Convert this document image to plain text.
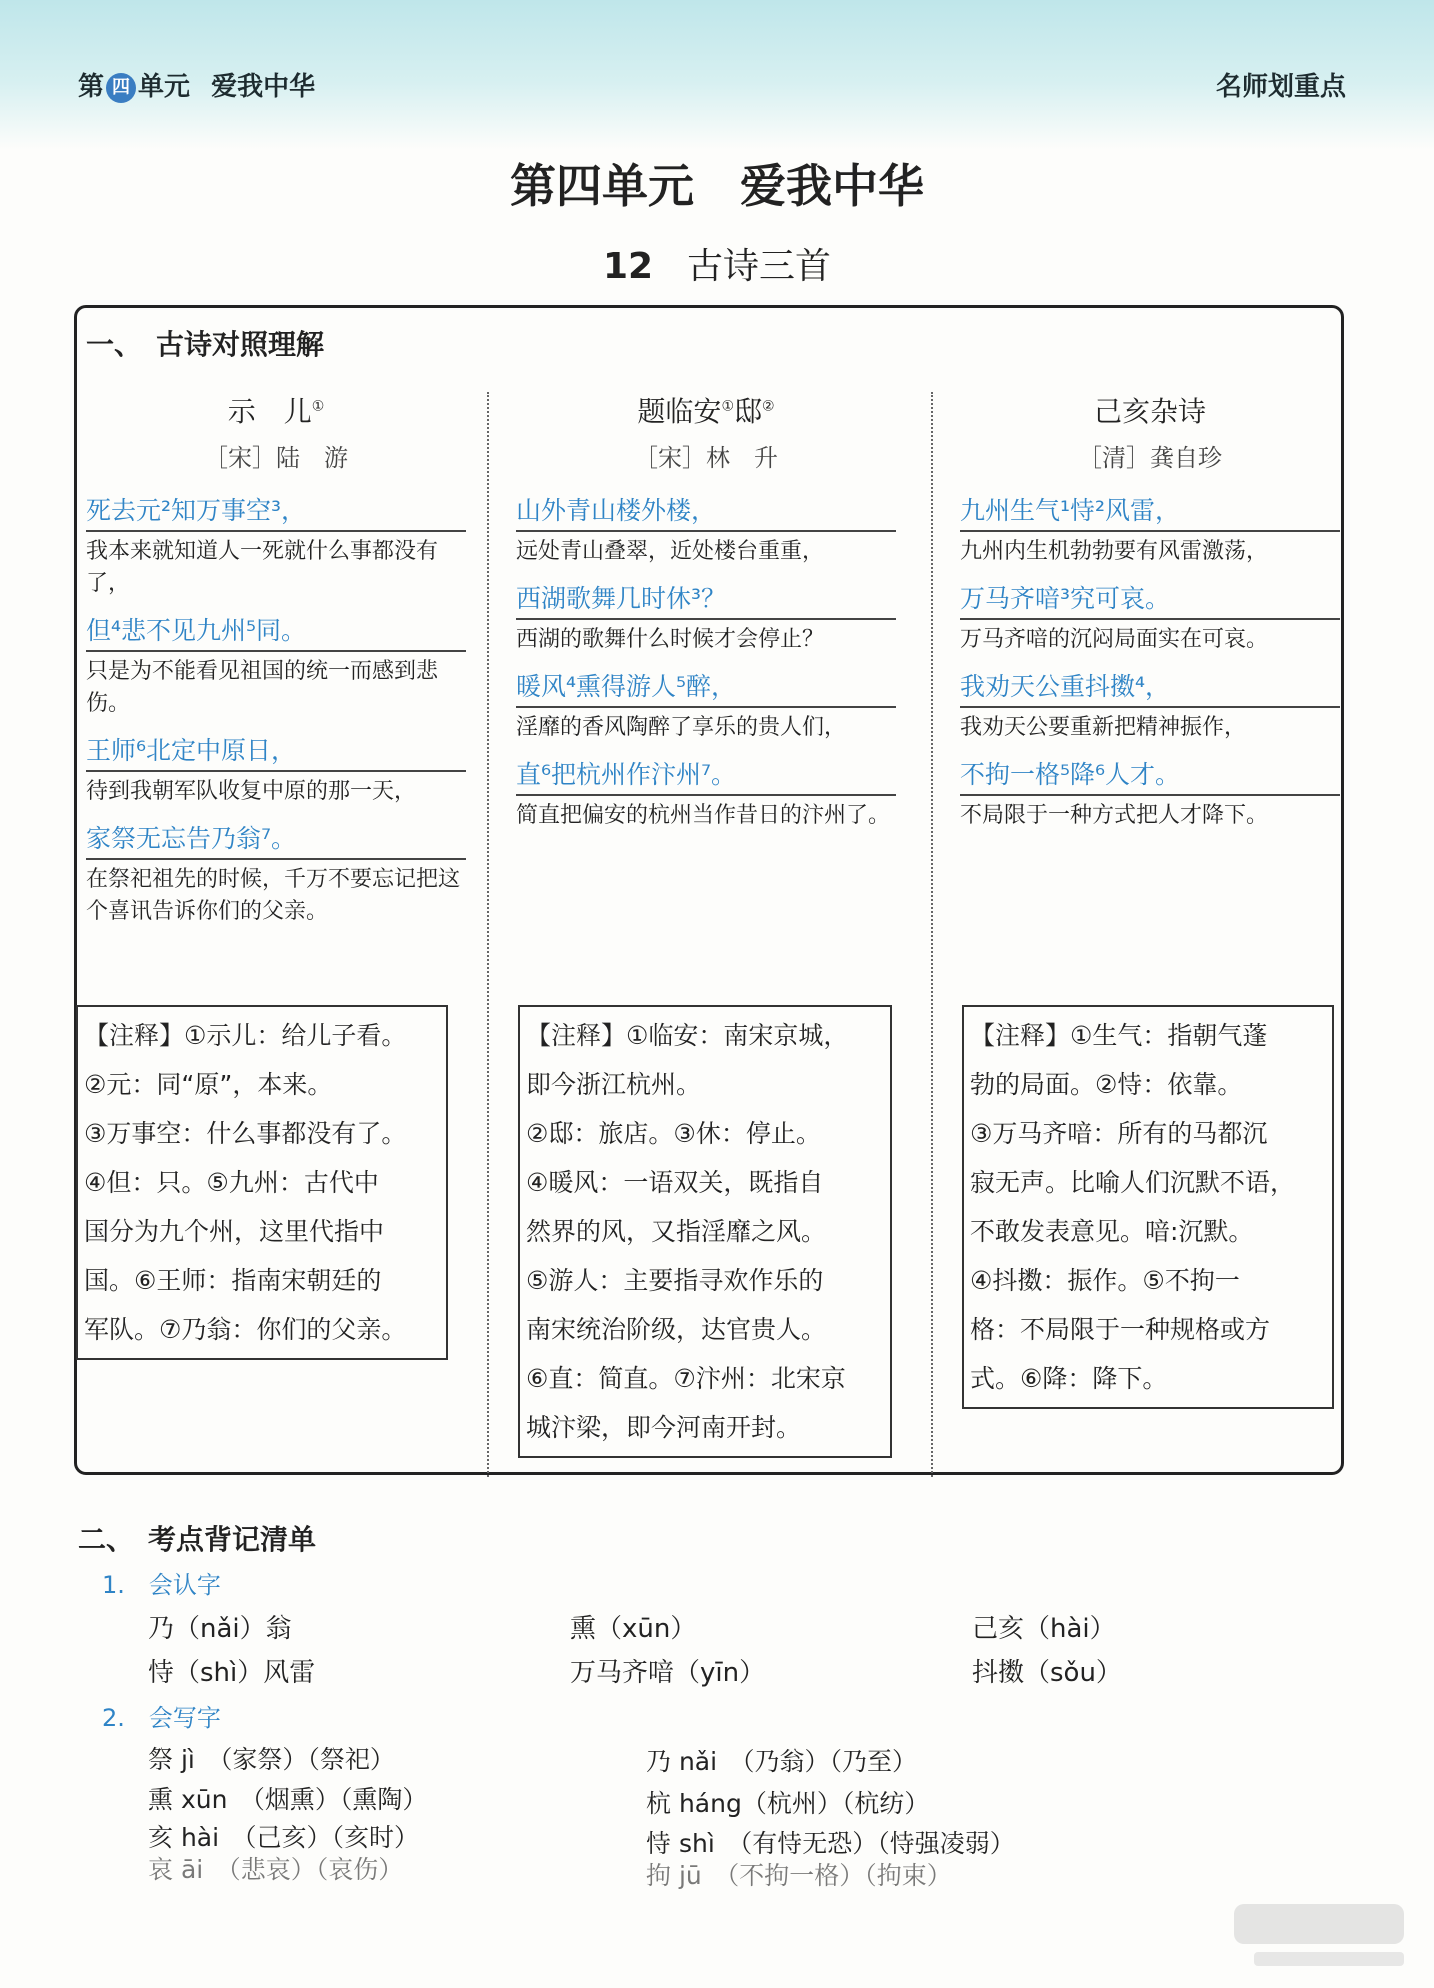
第 四 单元 爱我中华	名师划重点
第四单元　爱我中华
12 古诗三首
一、　古诗对照理解
示　儿①
［宋］陆　游
死去元²知万事空³，
我本来就知道人一死就什么事都没有了，
但⁴悲不见九州⁵同。
只是为不能看见祖国的统一而感到悲伤。
王师⁶北定中原日，
待到我朝军队收复中原的那一天，
家祭无忘告乃翁⁷。
在祭祀祖先的时候，千万不要忘记把这个喜讯告诉你们的父亲。
题临安①邸②
［宋］林　升
山外青山楼外楼，
远处青山叠翠，近处楼台重重，
西湖歌舞几时休³？
西湖的歌舞什么时候才会停止？
暖风⁴熏得游人⁵醉，
淫靡的香风陶醉了享乐的贵人们，
直⁶把杭州作汴州⁷。
简直把偏安的杭州当作昔日的汴州了。
己亥杂诗
［清］龚自珍
九州生气¹恃²风雷，
九州内生机勃勃要有风雷激荡，
万马齐喑³究可哀。
万马齐喑的沉闷局面实在可哀。
我劝天公重抖擞⁴，
我劝天公要重新把精神振作，
不拘一格⁵降⁶人才。
不局限于一种方式把人才降下。
【注释】①示儿：给儿子看。
②元：同“原”，本来。
③万事空：什么事都没有了。
④但：只。⑤九州：古代中
国分为九个州，这里代指中
国。⑥王师：指南宋朝廷的
军队。⑦乃翁：你们的父亲。
【注释】①临安：南宋京城，
即今浙江杭州。
②邸：旅店。③休：停止。
④暖风：一语双关，既指自
然界的风，又指淫靡之风。
⑤游人：主要指寻欢作乐的
南宋统治阶级，达官贵人。
⑥直：简直。⑦汴州：北宋京
城汴梁，即今河南开封。
【注释】①生气：指朝气蓬
勃的局面。②恃：依靠。
③万马齐喑：所有的马都沉
寂无声。比喻人们沉默不语，
不敢发表意见。喑:沉默。
④抖擞：振作。⑤不拘一
格：不局限于一种规格或方
式。⑥降：降下。
二、　考点背记清单
1.　会认字
乃（nǎi）翁	熏（xūn）	己亥（hài）
恃（shì）风雷	万马齐喑（yīn）	抖擞（sǒu）
2.　会写字
祭 jì　（家祭）（祭祀）	乃 nǎi　（乃翁）（乃至）
熏 xūn　（烟熏）（熏陶）	杭 háng（杭州）（杭纺）
亥 hài　（己亥）（亥时）	恃 shì　（有恃无恐）（恃强凌弱）
哀 āi　（悲哀）（哀伤）	拘 jū　（不拘一格）（拘束）
